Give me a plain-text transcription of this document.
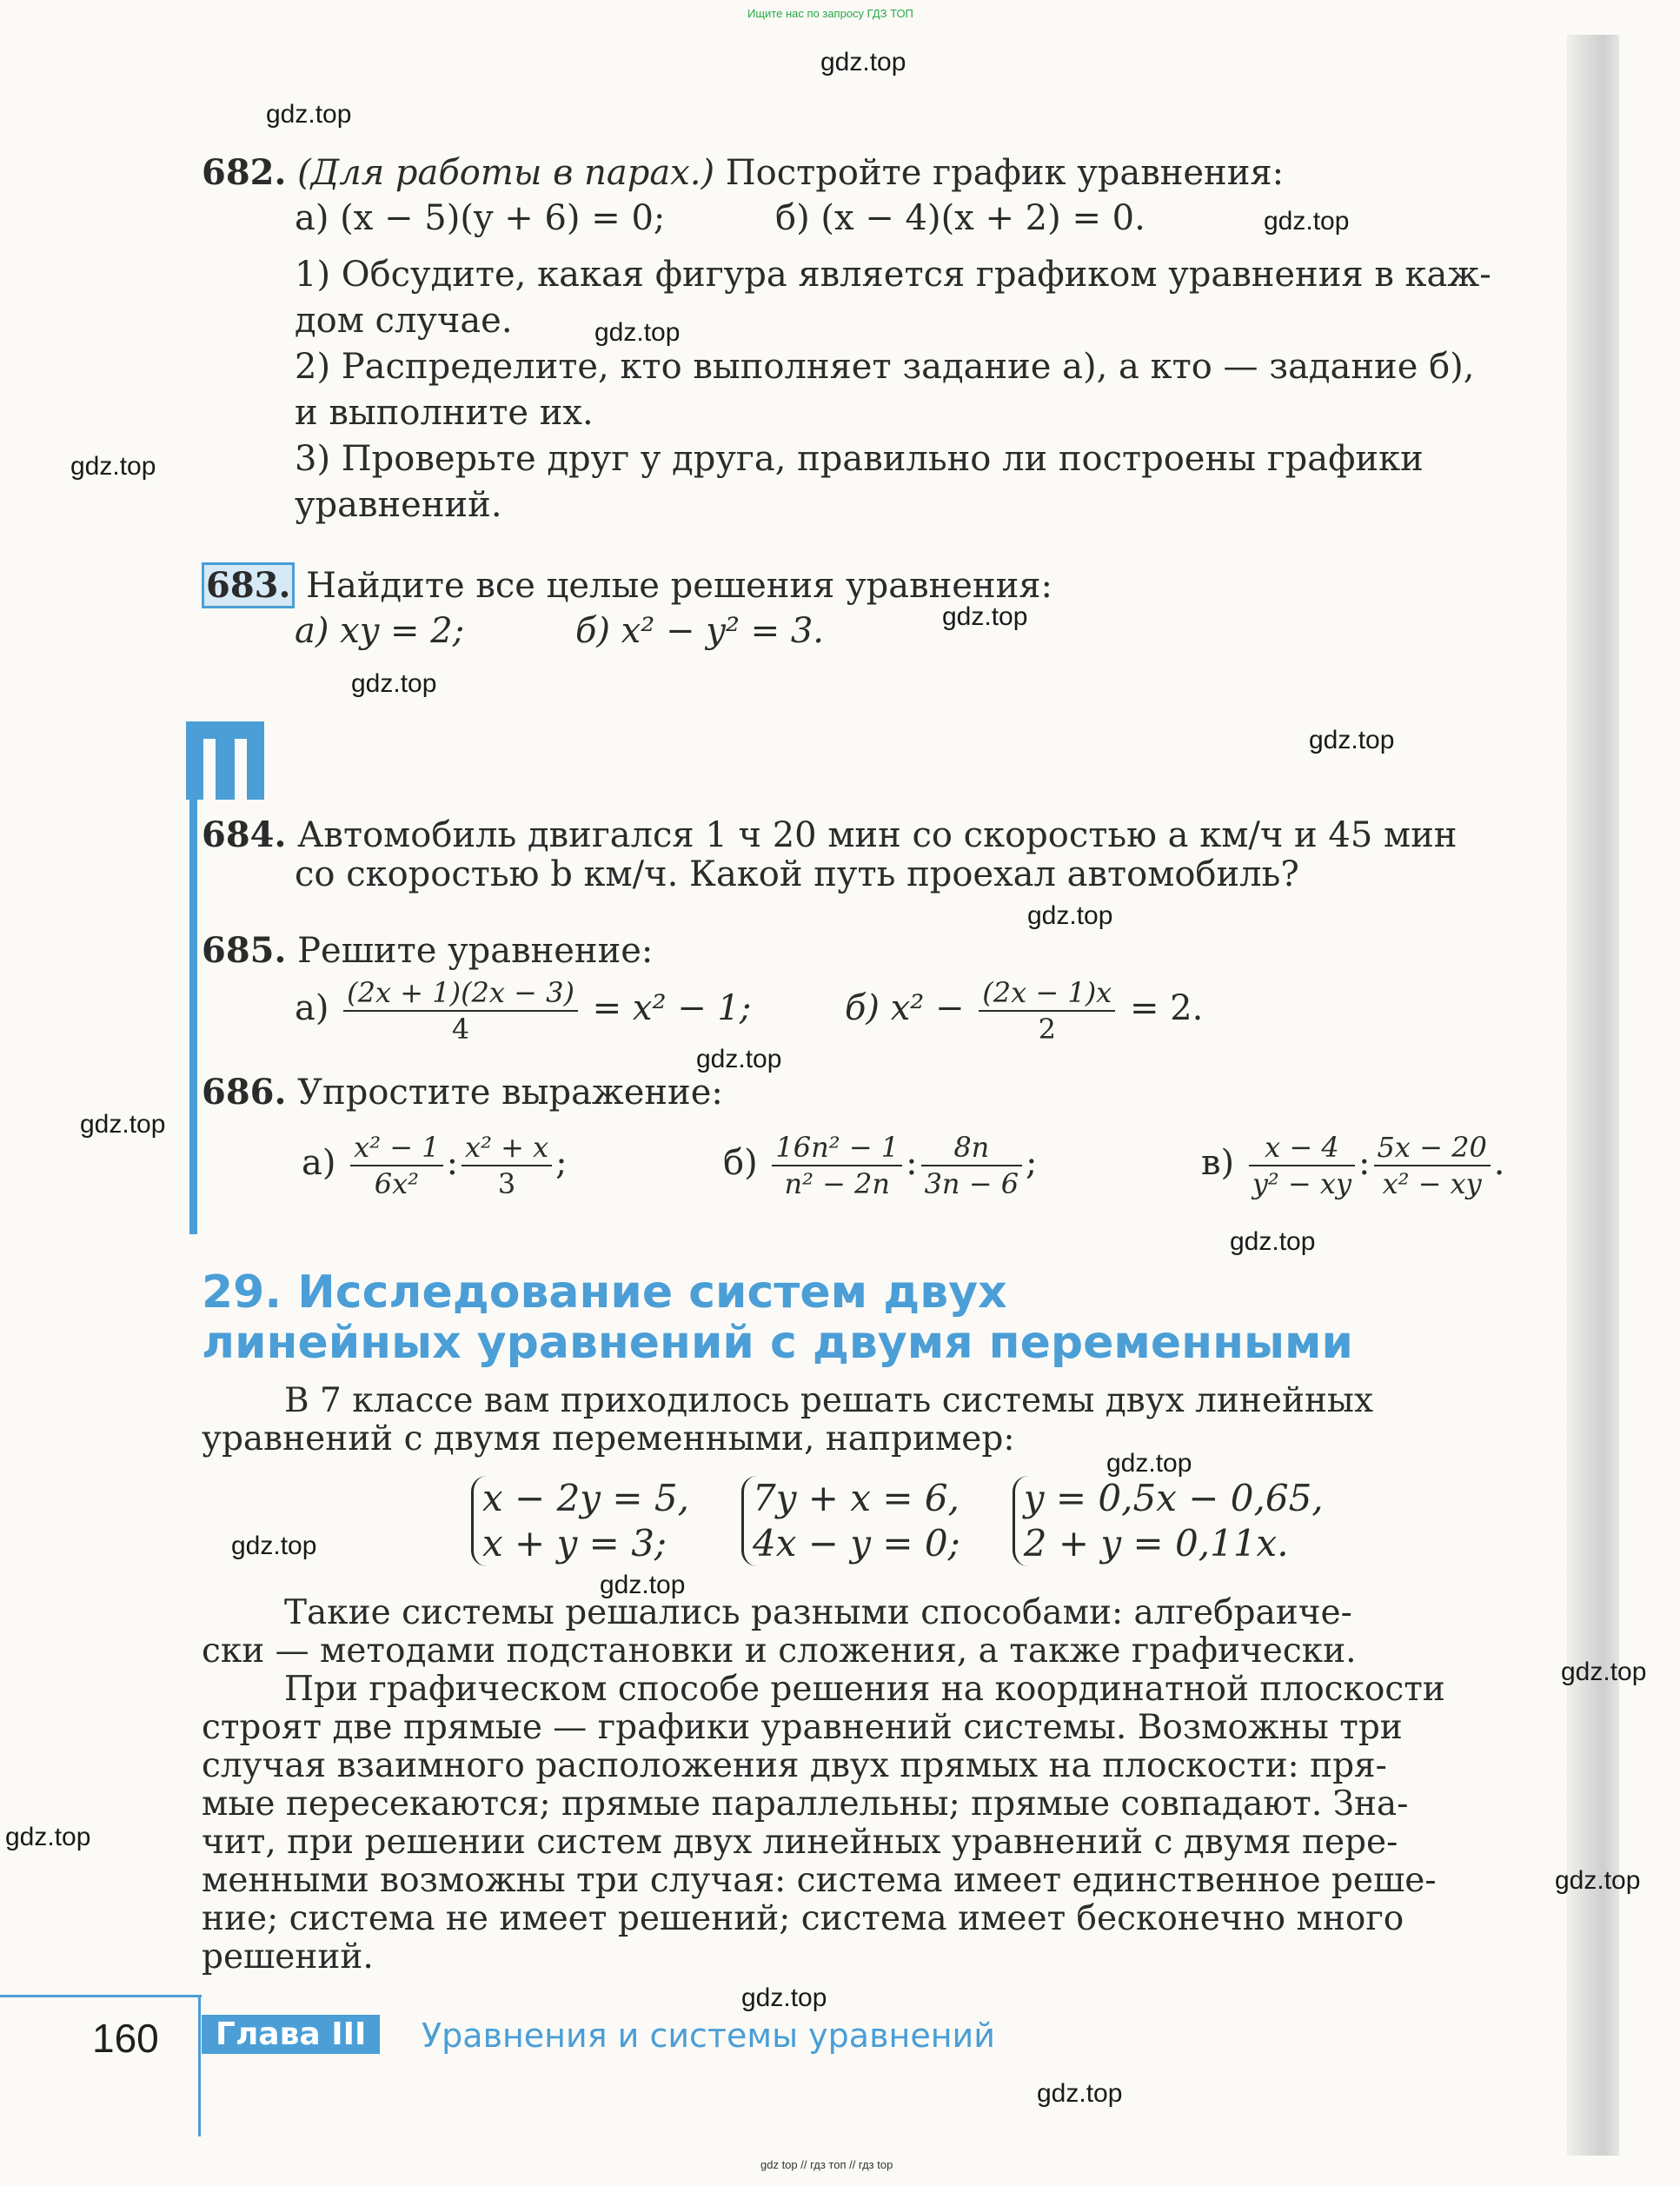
Ищите нас по запросу ГДЗ ТОП
gdz.top
gdz.top
gdz.top
gdz.top
gdz.top
gdz.top
gdz.top
gdz.top
gdz.top
gdz.top
gdz.top
gdz.top
gdz.top
gdz.top
gdz.top
gdz.top
gdz.top
gdz.top
gdz.top
gdz.top
682. (Для работы в парах.) Постройте график уравнения:
а) (x − 5)(y + 6) = 0;	б) (x − 4)(x + 2) = 0.
1) Обсудите, какая фигура является графиком уравнения в каж-
дом случае.
2) Распределите, кто выполняет задание а), а кто — задание б),
и выполните их.
3) Проверьте друг у друга, правильно ли построены графики
уравнений.
683. Найдите все целые решения уравнения:
а) xy = 2;	б) x² − y² = 3.
684. Автомобиль двигался 1 ч 20 мин со скоростью a км/ч и 45 мин
со скоростью b км/ч. Какой путь проехал автомобиль?
685. Решите уравнение:
$а) \frac{(2x + 1)(2x - 3)}{4} = x^2 - 1$;	б) $x^2 - \frac{(2x - 1)x}{2} = 2$.
686. Упростите выражение:
$а) \frac{\text{x² − 1}}{\text{6x²}}$ : $\frac{\text{x² + x}}{3}$ ;	$б) \frac{\text{16n² − 1}}{\text{n² − 2n}}$ : $\frac{8n}{3n - 6}$ ;	$в) \frac{x - 4}{\text{y² − xy}}$ : $\frac{5x - 20}{\text{x² − xy}}$ .
29. Исследование систем двух
линейных уравнений с двумя переменными
В 7 классе вам приходилось решать системы двух линейных
уравнений с двумя переменными, например:
x − 2y = 5,
x + y = 3;
7y + x = 6,
4x − y = 0;
y = 0,5x − 0,65,
2 + y = 0,11x.
Такие системы решались разными способами: алгебраиче-
ски — методами подстановки и сложения, а также графически.
При графическом способе решения на координатной плоскости
строят две прямые — графики уравнений системы. Возможны три
случая взаимного расположения двух прямых на плоскости: пря-
мые пересекаются; прямые параллельны; прямые совпадают. Зна-
чит, при решении систем двух линейных уравнений с двумя пере-
менными возможны три случая: система имеет единственное реше-
ние; система не имеет решений; система имеет бесконечно много
решений.
160	Глава III	Уравнения и системы уравнений
gdz top // гдз топ // гдз top
